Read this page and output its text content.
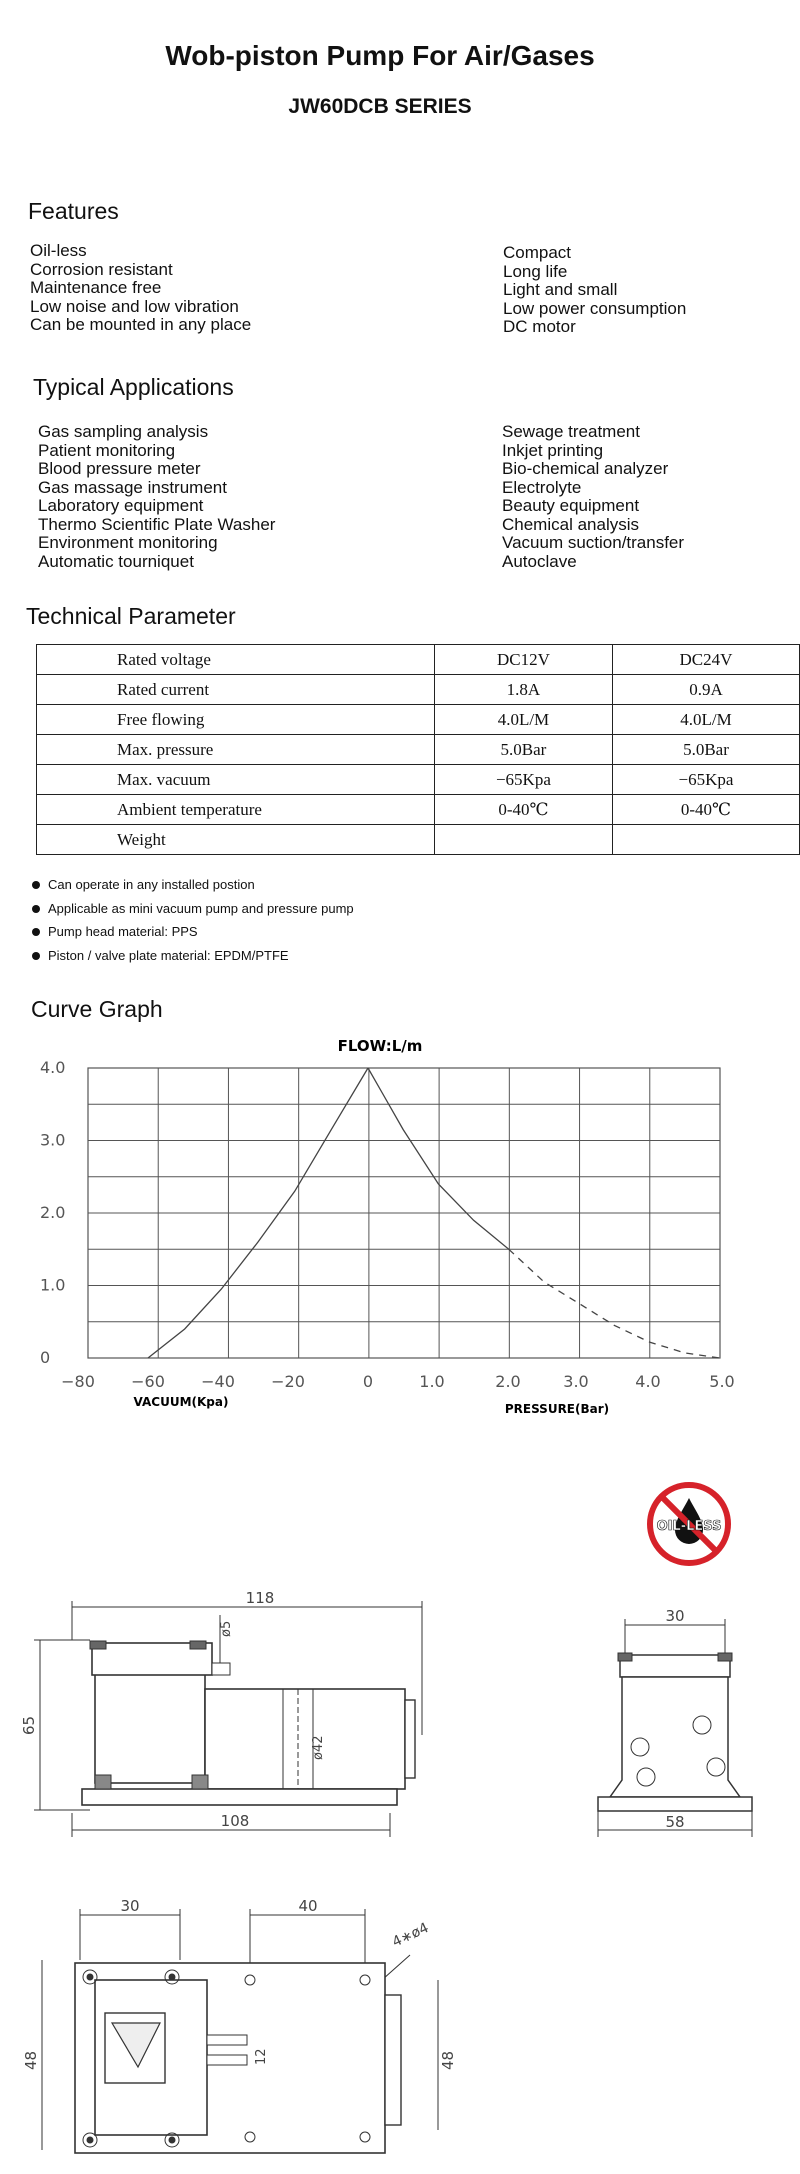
Wob-piston Pump For Air/Gases
JW60DCB SERIES
Features
Oil-less
Corrosion resistant
Maintenance free
Low noise and low vibration
Can be mounted in any place
Compact
Long life
Light and small
Low power consumption
DC motor
Typical Applications
Gas sampling analysis
Patient monitoring
Blood pressure meter
Gas massage instrument
Laboratory equipment
Thermo Scientific Plate Washer
Environment monitoring
Automatic tourniquet
Sewage treatment
Inkjet printing
Bio-chemical analyzer
Electrolyte
Beauty equipment
Chemical analysis
Vacuum suction/transfer
Autoclave
Technical Parameter
Rated voltage	DC12V	DC24V
Rated current	1.8A	0.9A
Free flowing	4.0L/M	4.0L/M
Max. pressure	5.0Bar	5.0Bar
Max. vacuum	−65Kpa	−65Kpa
Ambient temperature	0-40℃	0-40℃
Weight		
Can operate in any installed postion
Applicable as mini vacuum pump and pressure pump
Pump head material: PPS
Piston / valve plate material: EPDM/PTFE
Curve Graph
FLOW:L/m
−80 −60 −40 −20	0	1.0	2.0	3.0	4.0	5.0
0
1.0
2.0
3.0
4.0
VACUUM(Kpa)	PRESSURE(Bar)
OIL-LESS
118
ø5
65
ø42
108
30
58
30	40
4∗ø4
48	48
12
